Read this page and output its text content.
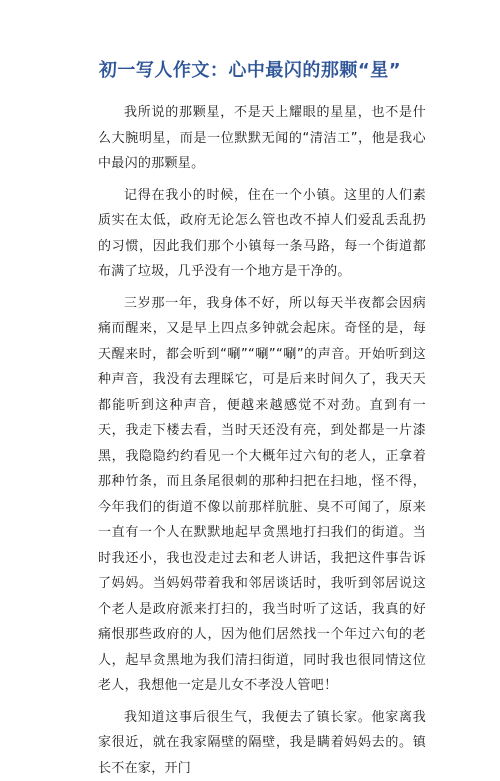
初一写人作文：心中最闪的那颗“星”

我所说的那颗星，不是天上耀眼的星星，也不是什么大腕明星，而是一位默默无闻的“清洁工”，他是我心中最闪的那颗星。

记得在我小的时候，住在一个小镇。这里的人们素质实在太低，政府无论怎么管也改不掉人们爱乱丢乱扔的习惯，因此我们那个小镇每一条马路，每一个街道都布满了垃圾，几乎没有一个地方是干净的。

三岁那一年，我身体不好，所以每天半夜都会因病痛而醒来，又是早上四点多钟就会起床。奇怪的是，每天醒来时，都会听到“唰”“唰”“唰”的声音。开始听到这种声音，我没有去理睬它，可是后来时间久了，我天天都能听到这种声音，便越来越感觉不对劲。直到有一天，我走下楼去看，当时天还没有亮，到处都是一片漆黑，我隐隐约约看见一个大概年过六旬的老人，正拿着那种竹条，而且条尾很刺的那种扫把在扫地，怪不得，今年我们的街道不像以前那样肮脏、臭不可闻了，原来一直有一个人在默默地起早贪黑地打扫我们的街道。当时我还小，我也没走过去和老人讲话，我把这件事告诉了妈妈。当妈妈带着我和邻居谈话时，我听到邻居说这个老人是政府派来打扫的，我当时听了这话，我真的好痛恨那些政府的人，因为他们居然找一个年过六旬的老人，起早贪黑地为我们清扫街道，同时我也很同情这位老人，我想他一定是儿女不孝没人管吧！

我知道这事后很生气，我便去了镇长家。他家离我家很近，就在我家隔壁的隔壁，我是瞒着妈妈去的。镇长不在家，开门
